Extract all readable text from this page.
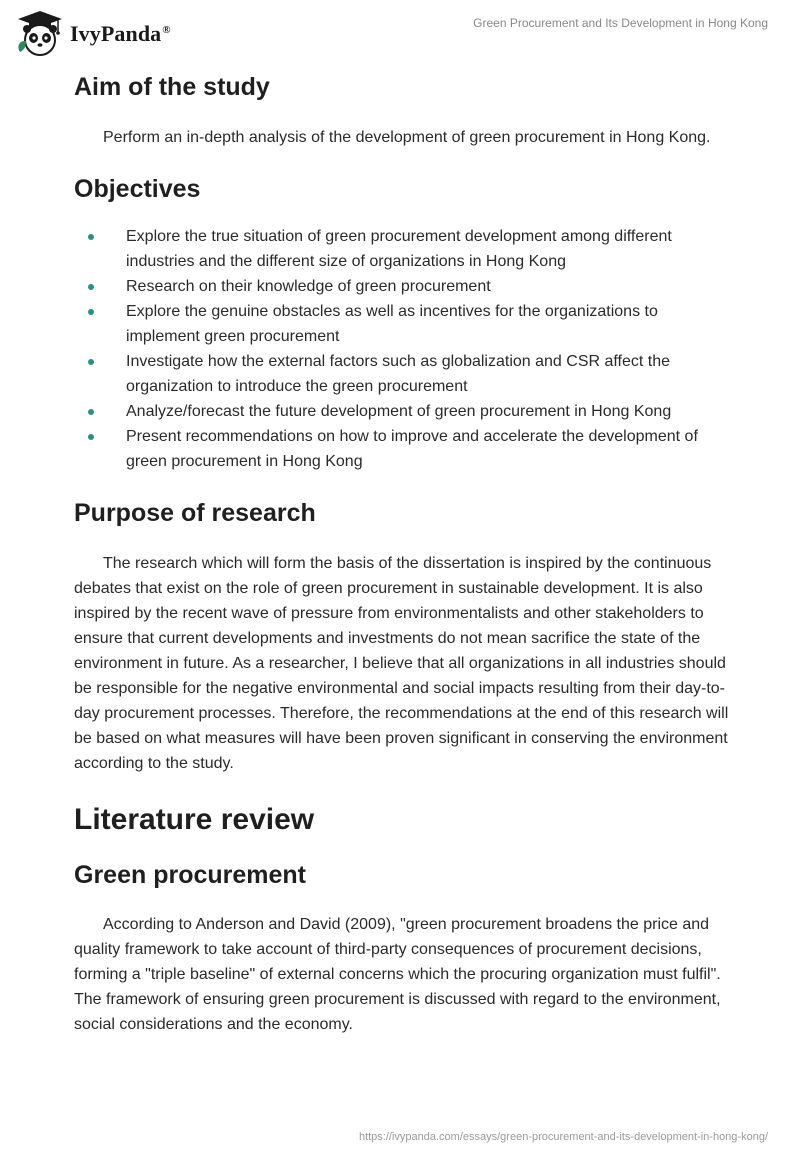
IvyPanda®	Green Procurement and Its Development in Hong Kong
Aim of the study

Perform an in-depth analysis of the development of green procurement in Hong Kong.

Objectives
Explore the true situation of green procurement development among different industries and the different size of organizations in Hong Kong
Research on their knowledge of green procurement
Explore the genuine obstacles as well as incentives for the organizations to implement green procurement
Investigate how the external factors such as globalization and CSR affect the organization to introduce the green procurement
Analyze/forecast the future development of green procurement in Hong Kong
Present recommendations on how to improve and accelerate the development of green procurement in Hong Kong
Purpose of research

The research which will form the basis of the dissertation is inspired by the continuous debates that exist on the role of green procurement in sustainable development. It is also inspired by the recent wave of pressure from environmentalists and other stakeholders to ensure that current developments and investments do not mean sacrifice the state of the environment in future. As a researcher, I believe that all organizations in all industries should be responsible for the negative environmental and social impacts resulting from their day-to-day procurement processes. Therefore, the recommendations at the end of this research will be based on what measures will have been proven significant in conserving the environment according to the study.

Literature review
Green procurement

According to Anderson and David (2009), "green procurement broadens the price and quality framework to take account of third-party consequences of procurement decisions, forming a "triple baseline" of external concerns which the procuring organization must fulfil". The framework of ensuring green procurement is discussed with regard to the environment, social considerations and the economy.

https://ivypanda.com/essays/green-procurement-and-its-development-in-hong-kong/
